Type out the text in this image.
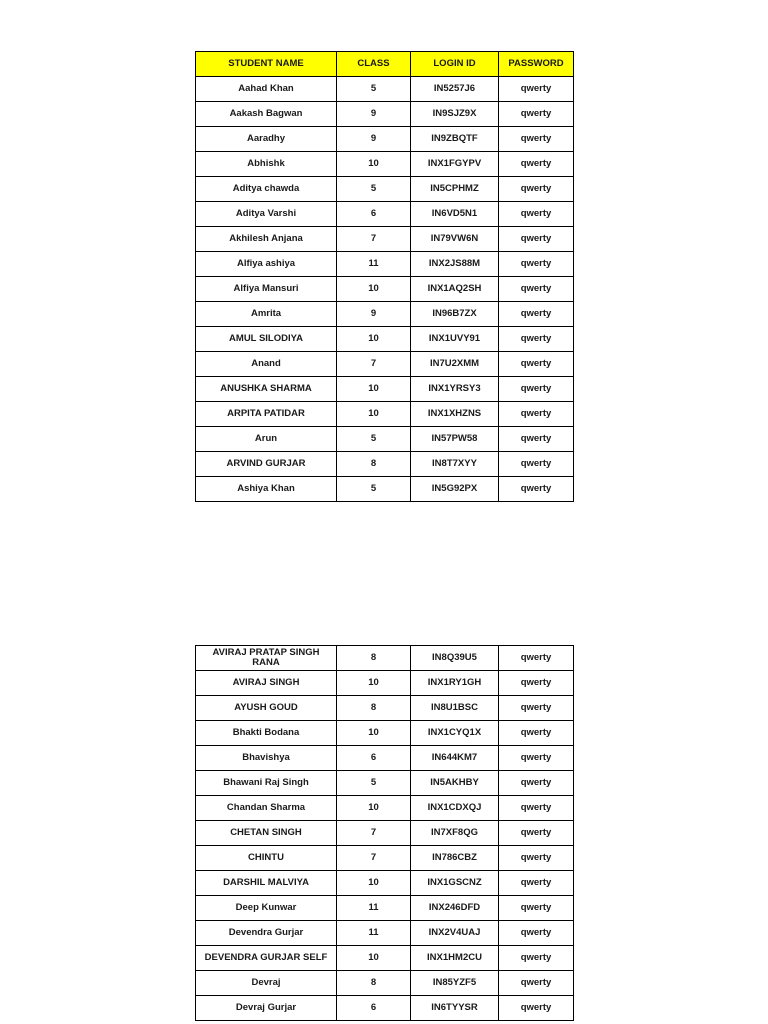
STUDENT NAME	CLASS	LOGIN ID	PASSWORD
Aahad Khan	5	IN5257J6	qwerty
Aakash Bagwan	9	IN9SJZ9X	qwerty
Aaradhy	9	IN9ZBQTF	qwerty
Abhishk	10	INX1FGYPV	qwerty
Aditya chawda	5	IN5CPHMZ	qwerty
Aditya Varshi	6	IN6VD5N1	qwerty
Akhilesh Anjana	7	IN79VW6N	qwerty
Alfiya ashiya	11	INX2JS88M	qwerty
Alfiya Mansuri	10	INX1AQ2SH	qwerty
Amrita	9	IN96B7ZX	qwerty
AMUL SILODIYA	10	INX1UVY91	qwerty
Anand	7	IN7U2XMM	qwerty
ANUSHKA SHARMA	10	INX1YRSY3	qwerty
ARPITA PATIDAR	10	INX1XHZNS	qwerty
Arun	5	IN57PW58	qwerty
ARVIND GURJAR	8	IN8T7XYY	qwerty
Ashiya Khan	5	IN5G92PX	qwerty
AVIRAJ PRATAP SINGH RANA	8	IN8Q39U5	qwerty
AVIRAJ SINGH	10	INX1RY1GH	qwerty
AYUSH GOUD	8	IN8U1BSC	qwerty
Bhakti Bodana	10	INX1CYQ1X	qwerty
Bhavishya	6	IN644KM7	qwerty
Bhawani Raj Singh	5	IN5AKHBY	qwerty
Chandan Sharma	10	INX1CDXQJ	qwerty
CHETAN SINGH	7	IN7XF8QG	qwerty
CHINTU	7	IN786CBZ	qwerty
DARSHIL MALVIYA	10	INX1GSCNZ	qwerty
Deep Kunwar	11	INX246DFD	qwerty
Devendra Gurjar	11	INX2V4UAJ	qwerty
DEVENDRA GURJAR SELF	10	INX1HM2CU	qwerty
Devraj	8	IN85YZF5	qwerty
Devraj Gurjar	6	IN6TYYSR	qwerty
